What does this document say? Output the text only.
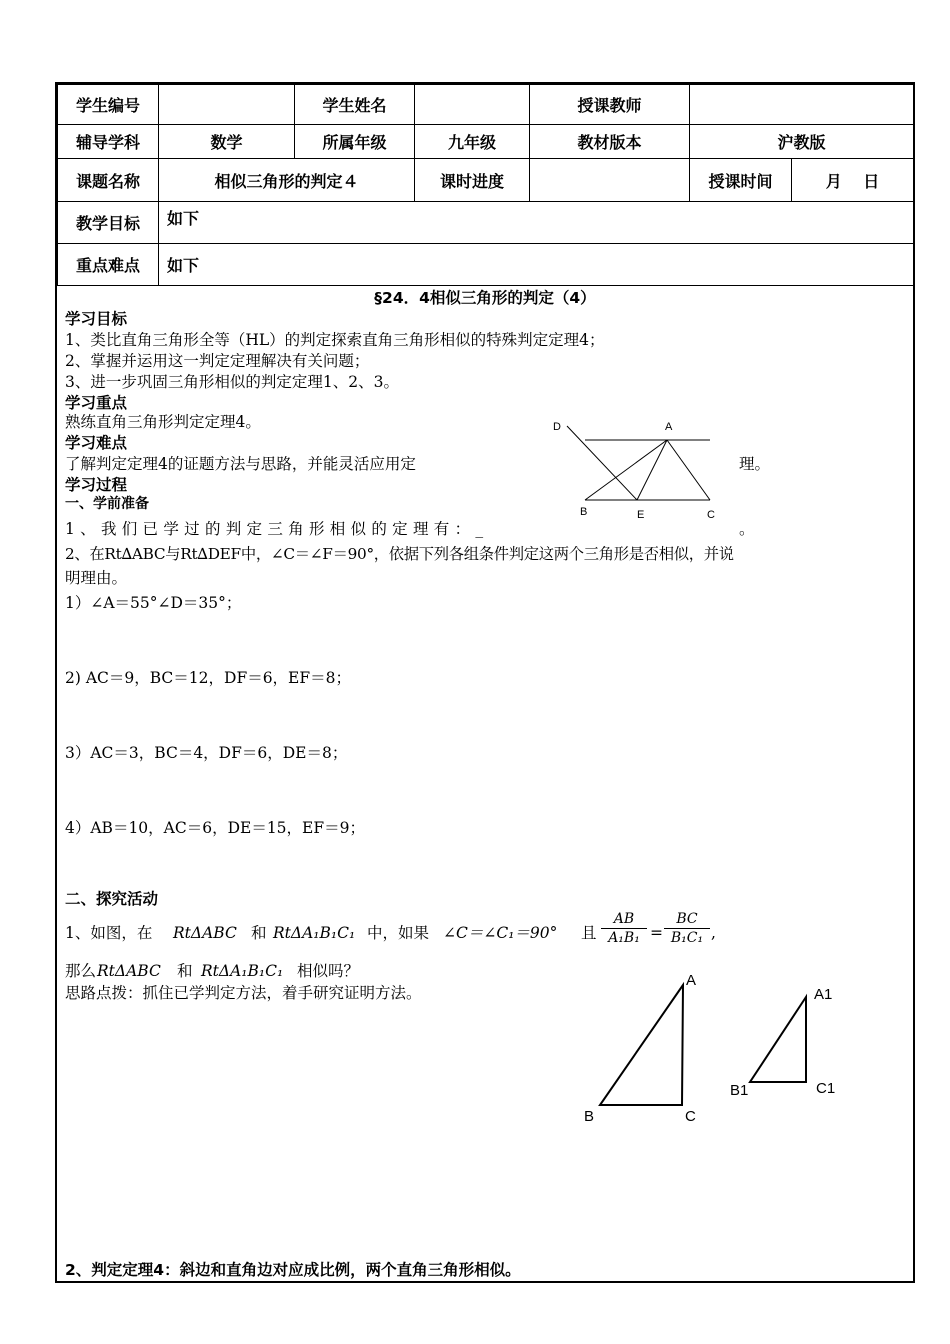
学生编号		学生姓名		授课教师		
辅导学科	数学	所属年级	九年级	教材版本	沪教版	
课题名称	相似三角形的判定４		课时进度		授课时间	月　 日
教学目标	如下					
重点难点	如下					
§24．4相似三角形的判定（4）
学习目标
1、类比直角三角形全等（HL）的判定探索直角三角形相似的特殊判定定理4；
2、掌握并运用这一判定定理解决有关问题；
3、进一步巩固三角形相似的判定定理1、2、3。
学习重点
熟练直角三角形判定定理4。
学习难点
了解判定定理4的证题方法与思路，并能灵活应用定	理。
学习过程
一、学前准备
D	A
B	E	C
1、我们已学过的判定三角形相似的定理有：_	。
2、在Rt∆ABC与Rt∆DEF中，∠C＝∠F＝90°，依据下列各组条件判定这两个三角形是否相似，并说
明理由。
1）∠A＝55°∠D＝35°；
2) AC＝9，BC＝12，DF＝6，EF＝8；
3）AC＝3，BC＝4，DF＝6，DE＝8；
4）AB＝10，AC＝6，DE＝15，EF＝9；
二、探究活动
1、如图，在 RtΔABC 和 RtΔA₁B₁C₁ 中，如果 ∠C＝∠C₁＝90° 且 $\frac{AB}{\text{A₁B₁}} = \frac{BC}{\text{B₁C₁}}$ ,
那么 RtΔABC 和 RtΔA₁B₁C₁ 相似吗？
思路点拨：抓住已学判定方法，着手研究证明方法。
A
B	C
A1
B1	C1
2、判定定理4：斜边和直角边对应成比例，两个直角三角形相似。
